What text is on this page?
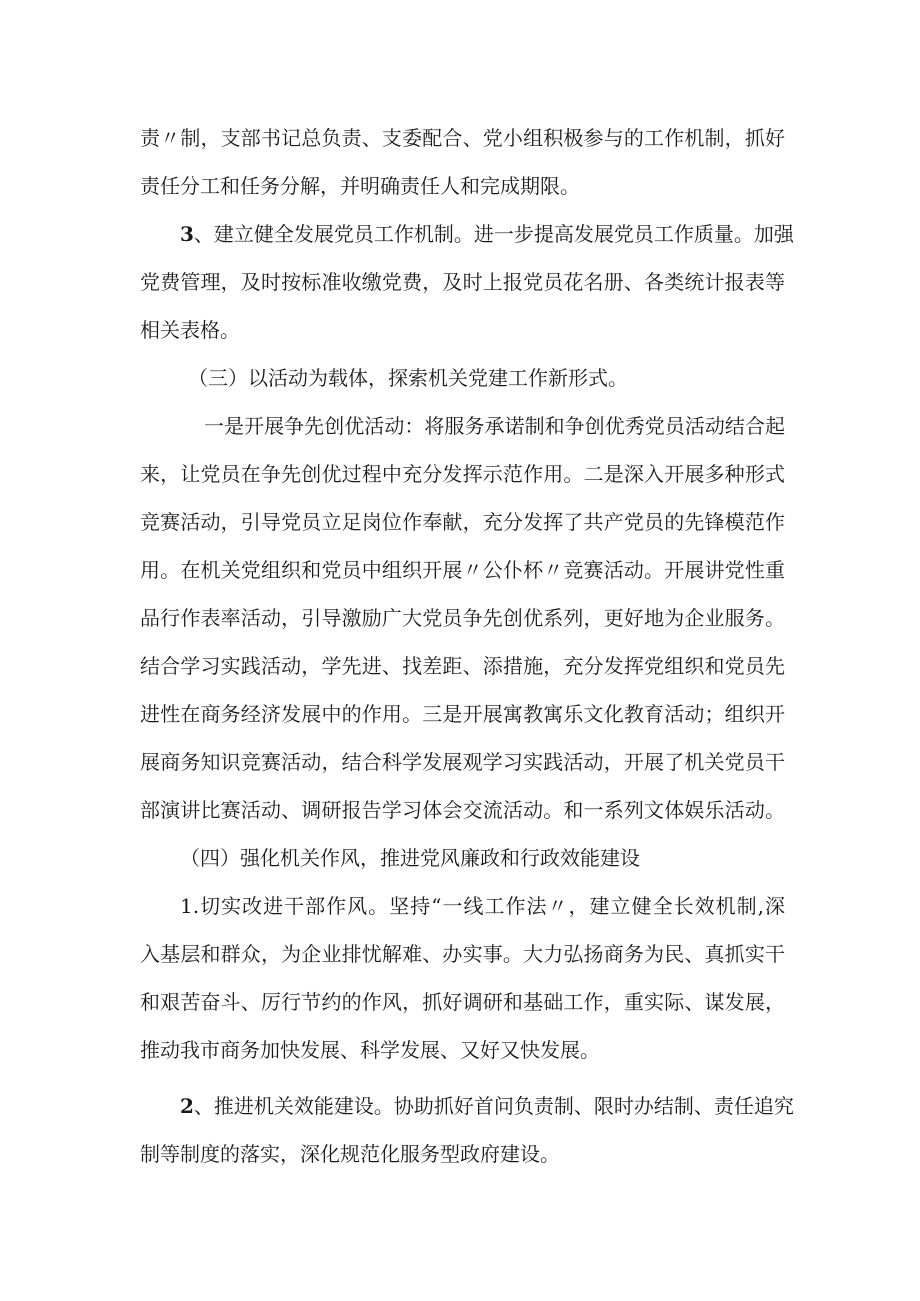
责〃制，支部书记总负责、支委配合、党小组积极参与的工作机制，抓好
责任分工和任务分解，并明确责任人和完成期限。
3、建立健全发展党员工作机制。进一步提高发展党员工作质量。加强
党费管理，及时按标准收缴党费，及时上报党员花名册、各类统计报表等
相关表格。
（三）以活动为载体，探索机关党建工作新形式。
一是开展争先创优活动：将服务承诺制和争创优秀党员活动结合起
来，让党员在争先创优过程中充分发挥示范作用。二是深入开展多种形式
竞赛活动，引导党员立足岗位作奉献，充分发挥了共产党员的先锋模范作
用。在机关党组织和党员中组织开展〃公仆杯〃竞赛活动。开展讲党性重
品行作表率活动，引导激励广大党员争先创优系列，更好地为企业服务。
结合学习实践活动，学先进、找差距、添措施，充分发挥党组织和党员先
进性在商务经济发展中的作用。三是开展寓教寓乐文化教育活动；组织开
展商务知识竞赛活动，结合科学发展观学习实践活动，开展了机关党员干
部演讲比赛活动、调研报告学习体会交流活动。和一系列文体娱乐活动。
（四）强化机关作风，推进党风廉政和行政效能建设
1.切实改进干部作风。坚持“一线工作法〃，建立健全长效机制,深
入基层和群众，为企业排忧解难、办实事。大力弘扬商务为民、真抓实干
和艰苦奋斗、厉行节约的作风，抓好调研和基础工作，重实际、谋发展，
推动我市商务加快发展、科学发展、又好又快发展。
2、推进机关效能建设。协助抓好首问负责制、限时办结制、责任追究
制等制度的落实，深化规范化服务型政府建设。
